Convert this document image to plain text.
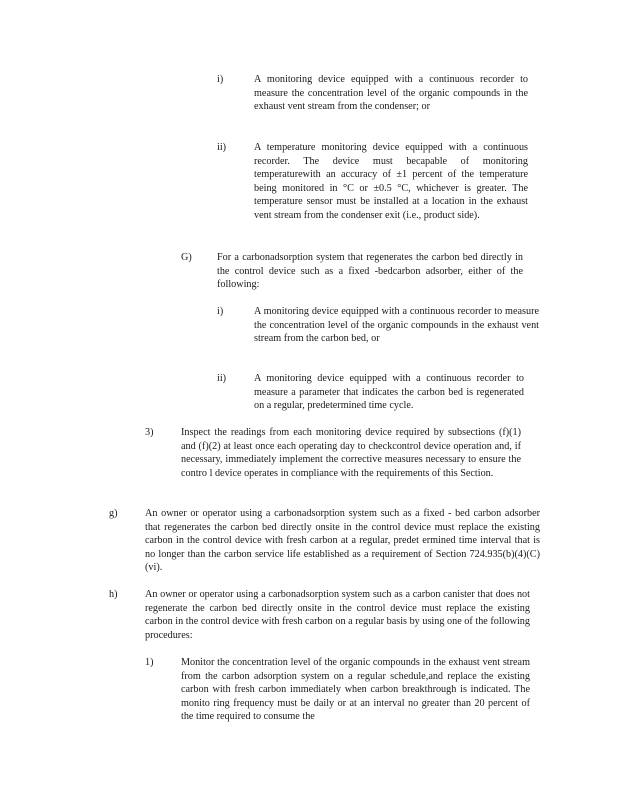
i)	A monitoring device equipped with a continuous recorder to measure the concentration level of the organic compounds in the exhaust vent stream from the condenser; or
ii)	A temperature monitoring device equipped with a continuous recorder. The device must becapable of monitoring temperaturewith an accuracy of ±1 percent of the temperature being monitored in °C or ±0.5 °C, whichever is greater. The temperature sensor must be installed at a location in the exhaust vent stream from the condenser exit (i.e., product side).
G) For a carbonadsorption system that regenerates the carbon bed directly in the control device such as a fixed -bedcarbon adsorber, either of the following:
i)	A monitoring device equipped with a continuous recorder to measure the concentration level of the organic compounds in the exhaust vent stream from the carbon bed, or
ii)	A monitoring device equipped with a continuous recorder to measure a parameter that indicates the carbon bed is regenerated on a regular, predetermined time cycle.
3)	Inspect the readings from each monitoring device required by subsections (f)(1) and (f)(2) at least once each operating day to checkcontrol device operation and, if necessary, immediately implement the corrective measures necessary to ensure the contro l device operates in compliance with the requirements of this Section.
g)	An owner or operator using a carbonadsorption system such as a fixed - bed carbon adsorber that regenerates the carbon bed directly onsite in the control device must replace the existing carbon in the control device with fresh carbon at a regular, predet ermined time interval that is no longer than the carbon service life established as a requirement of Section 724.935(b)(4)(C)(vi).
h)	An owner or operator using a carbonadsorption system such as a carbon canister that does not regenerate the carbon bed directly onsite in the control device must replace the existing carbon in the control device with fresh carbon on a regular basis by using one of the following procedures:
1)	Monitor the concentration level of the organic compounds in the exhaust vent stream from the carbon adsorption system on a regular schedule,and replace the existing carbon with fresh carbon immediately when carbon breakthrough is indicated. The monito ring frequency must be daily or at an interval no greater than 20 percent of the time required to consume the
